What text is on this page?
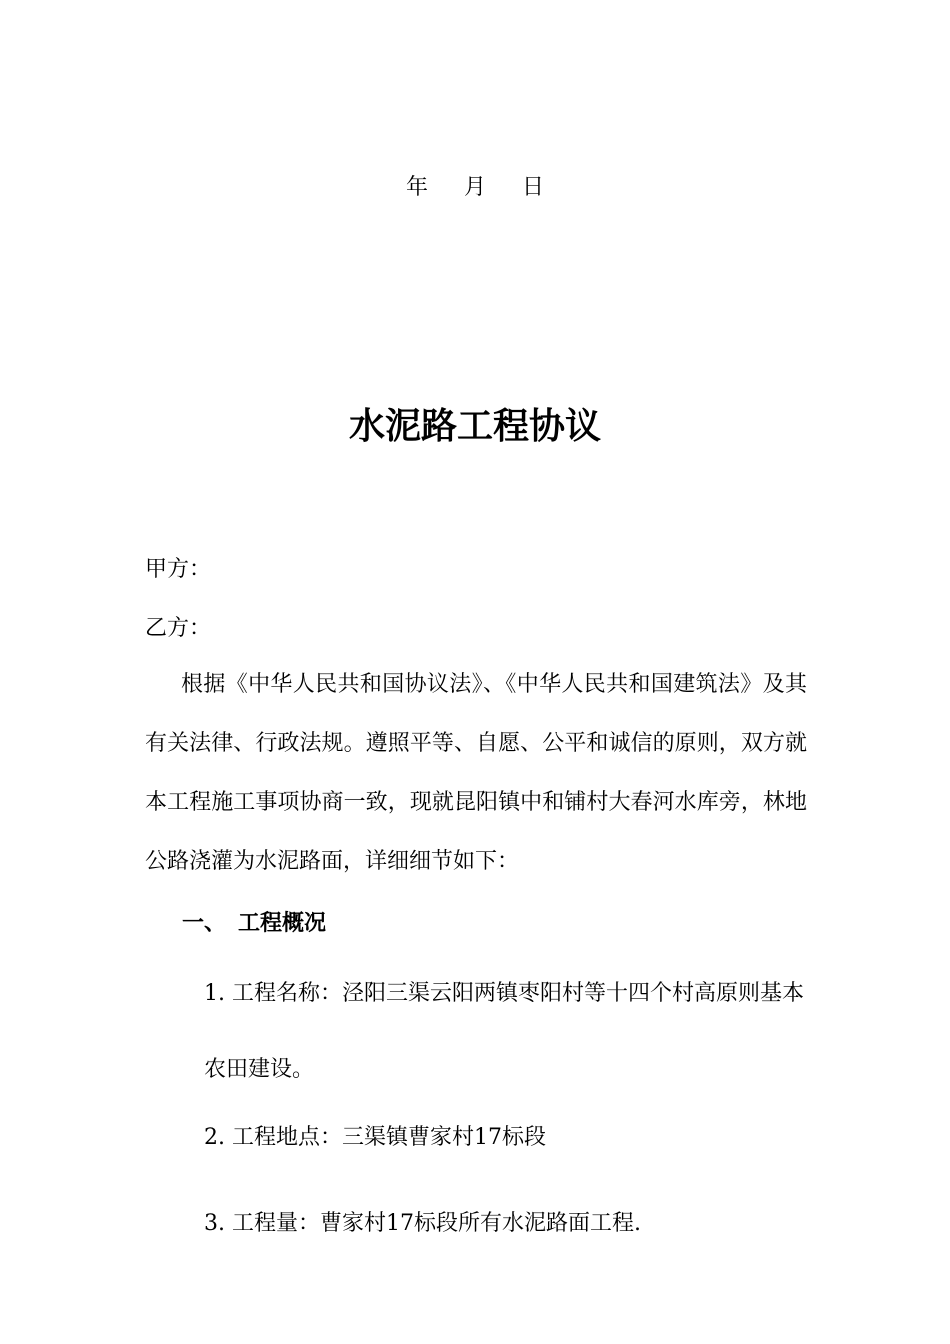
年 月 日
水泥路工程协议
甲方：
乙方：
根据《中华人民共和国协议法》、《中华人民共和国建筑法》及其有关法律、行政法规。遵照平等、自愿、公平和诚信的原则，双方就本工程施工事项协商一致，现就昆阳镇中和铺村大春河水库旁，林地公路浇灌为水泥路面，详细细节如下：
一、 工程概况
1. 工程名称：泾阳三渠云阳两镇枣阳村等十四个村高原则基本农田建设。
2. 工程地点：三渠镇曹家村17标段
3. 工程量：曹家村17标段所有水泥路面工程.
